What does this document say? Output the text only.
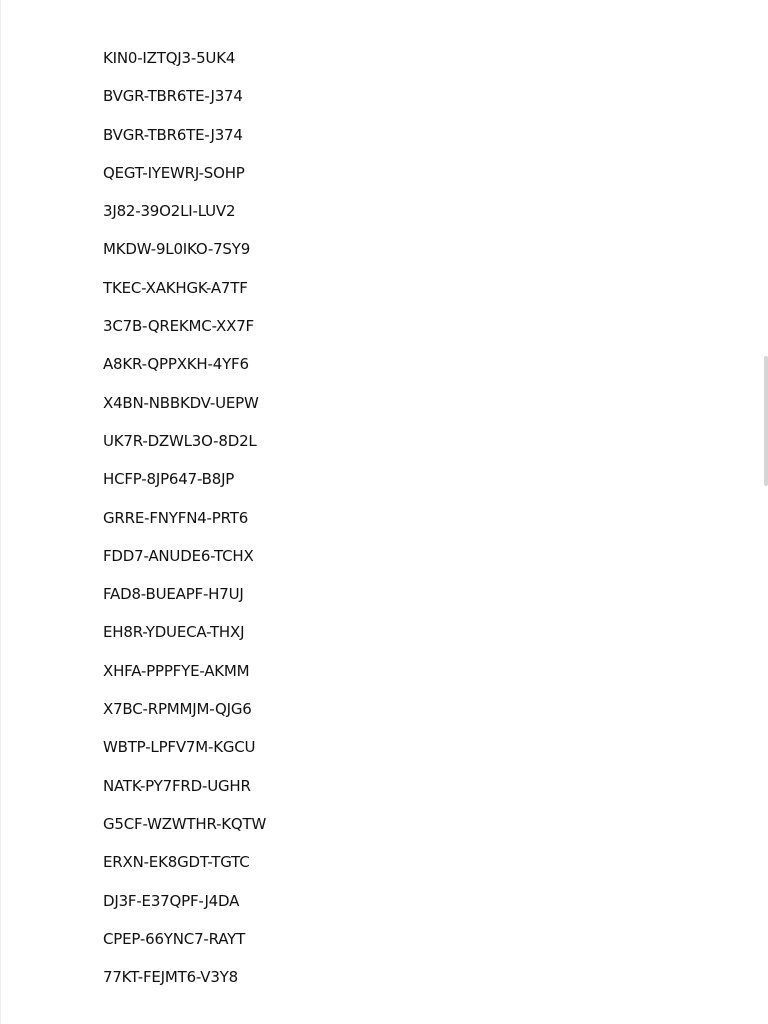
KIN0-IZTQJ3-5UK4
BVGR-TBR6TE-J374
BVGR-TBR6TE-J374
QEGT-IYEWRJ-SOHP
3J82-39O2LI-LUV2
MKDW-9L0IKO-7SY9
TKEC-XAKHGK-A7TF
3C7B-QREKMC-XX7F
A8KR-QPPXKH-4YF6
X4BN-NBBKDV-UEPW
UK7R-DZWL3O-8D2L
HCFP-8JP647-B8JP
GRRE-FNYFN4-PRT6
FDD7-ANUDE6-TCHX
FAD8-BUEAPF-H7UJ
EH8R-YDUECA-THXJ
XHFA-PPPFYE-AKMM
X7BC-RPMMJM-QJG6
WBTP-LPFV7M-KGCU
NATK-PY7FRD-UGHR
G5CF-WZWTHR-KQTW
ERXN-EK8GDT-TGTC
DJ3F-E37QPF-J4DA
CPEP-66YNC7-RAYT
77KT-FEJMT6-V3Y8
